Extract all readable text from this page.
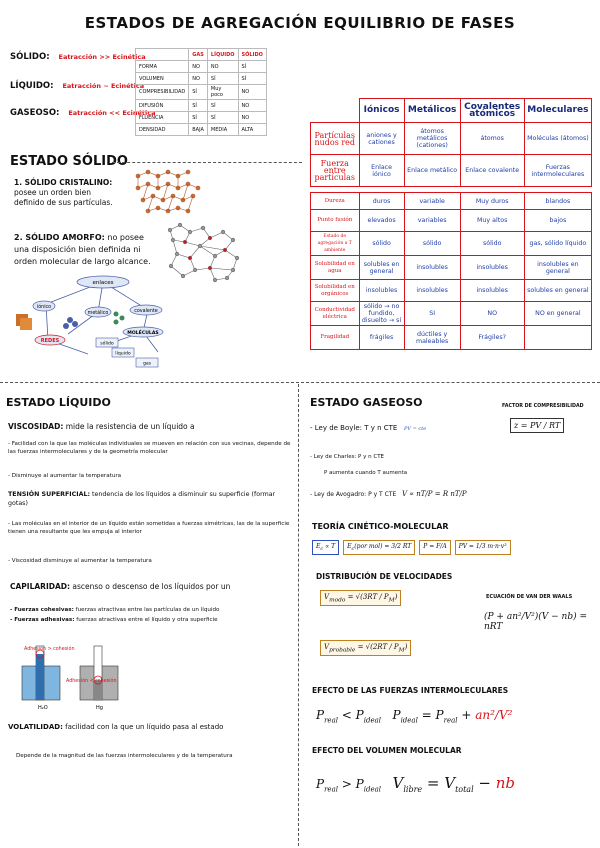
ESTADOS DE AGREGACIÓN EQUILIBRIO DE FASES
SÓLIDO: Eatracción >> Ecinética
LÍQUIDO: Eatracción ~ Ecinética
GASEOSO: Eatracción << Ecinética
	GAS	LÍQUIDO	SÓLIDO
FORMA	NO	NO	SÍ
VOLUMEN	NO	SÍ	SÍ
COMPRESIBILIDAD	SÍ	Muy poco	NO
DIFUSIÓN	SÍ	SÍ	NO
FLUENCIA	SÍ	SÍ	NO
DENSIDAD	BAJA	MEDIA	ALTA
ESTADO SÓLIDO
1. SÓLIDO CRISTALINO:
posee un orden bien
definido de sus partículas.
2. SÓLIDO AMORFO: no posee
una disposición bien definida ni
orden molecular de largo alcance.
enlaces
iónico
metálico	covalente
REDES
MOLÉCULAS
sólido
líquido
gas
	Iónicos	Metálicos	Covalentes atómicos	Moleculares
Partículas nudos red	aniones y cationes	átomos metálicos (cationes)	átomos	Moléculas (átomos)
Fuerza entre partículas	Enlace iónico	Enlace metálico	Enlace covalente	Fuerzas intermoleculares

Dureza	duros	variable	Muy duros	blandos
Punto fusión	elevados	variables	Muy altos	bajos
Estado de agregación a T ambiente	sólido	sólido	sólido	gas, sólido líquido
Solubilidad en agua	solubles en general	insolubles	insolubles	insolubles en general
Solubilidad en orgánicos	insolubles	insolubles	insolubles	solubles en general
Conductividad eléctrica	sólido → no fundido, disuelto → sí	SI	NO	NO en general
Fragilidad	frágiles	dúctiles y maleables	Frágiles?	
ESTADO LÍQUIDO
VISCOSIDAD: mide la resistencia de un líquido a
- Facilidad con la que las moléculas individuales se mueven en relación con sus vecinas, depende de las fuerzas intermoleculares y de la geometría molecular
- Disminuye al aumentar la temperatura
TENSIÓN SUPERFICIAL: tendencia de los líquidos a disminuir su superficie (formar gotas)
- Las moléculas en el interior de un líquido están sometidas a fuerzas simétricas, las de la superficie tienen una resultante que les empuja al interior
- Viscosidad disminuye al aumentar la temperatura
CAPILARIDAD: ascenso o descenso de los líquidos por un
- Fuerzas cohesivas: fuerzas atractivas entre las partículas de un líquido
- Fuerzas adhesivas: fuerzas atractivas entre el líquido y otra superficie
Adhesión > cohesión
Adhesión < cohesión
H₂O	Hg
VOLATILIDAD: facilidad con la que un líquido pasa al estado
Depende de la magnitud de las fuerzas intermoleculares y de la temperatura
ESTADO GASEOSO	FACTOR DE COMPRESIBILIDAD
z = PV / RT
- Ley de Boyle: T y n CTE PV = cte
- Ley de Charles: P y n CTE
P aumenta cuando T aumenta
- Ley de Avogadro: P y T CTE V ∝ nT/P = R nT/P
TEORÍA CINÉTICO-MOLECULAR
$E_c \propto T$	$E_c(por$ mol) = 3/2 RT	P = F/A	PV = 1/3 m·n·v²
DISTRIBUCIÓN DE VELOCIDADES
$V_{modo} = √(3RT / P_M)$
$V_{probable} = √(2RT / P_M)$
ECUACIÓN DE VAN DER WAALS
(P + an²/V²)(V − nb) = nRT
EFECTO DE LAS FUERZAS INTERMOLECULARES
$P_{real} < P_{ideal}$   $P_{ideal} = P_{real} + an^2/V^2$
EFECTO DEL VOLUMEN MOLECULAR
$P_{real} > P_{ideal}$ $V_{libre} = V_{total}$ − nb
